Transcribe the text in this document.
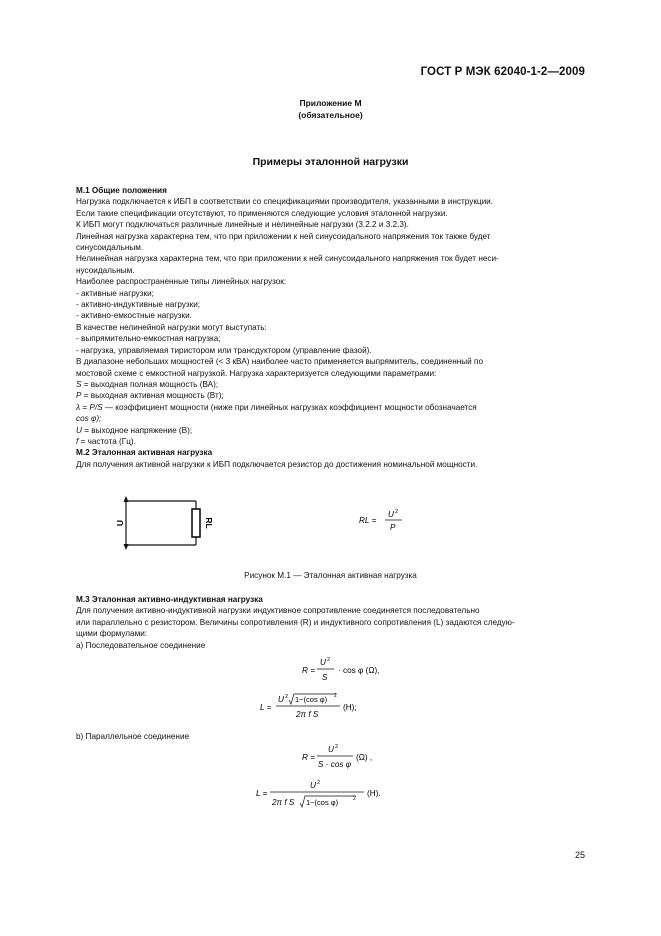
ГОСТ Р МЭК 62040-1-2—2009
Приложение М
(обязательное)
Примеры эталонной нагрузки

М.1 Общие положения

Нагрузка подключается к ИБП в соответствии со спецификациями производителя, указанными в инструкции.

Если такие спецификации отсутствуют, то применяются следующие условия эталонной нагрузки.

К ИБП могут подключаться различные линейные и нелинейные нагрузки (3.2.2 и 3.2.3).

Линейная нагрузка характерна тем, что при приложении к ней синусоидального напряжения ток также будет

синусоидальным.

Нелинейная нагрузка характерна тем, что при приложении к ней синусоидального напряжения ток будет неси-

нусоидальным.

Наиболее распространенные типы линейных нагрузок:

- активные нагрузки;

- активно-индуктивные нагрузки;

- активно-емкостные нагрузки.

В качестве нелинейной нагрузки могут выступать:

- выпрямительно-емкостная нагрузка;

- нагрузка, управляемая тиристором или трансдуктором (управление фазой).

В диапазоне небольших мощностей (< 3 кВА) наиболее часто применяется выпрямитель, соединенный по

мостовой схеме с емкостной нагрузкой. Нагрузка характеризуется следующими параметрами:

S = выходная полная мощность (ВА);

P = выходная активная мощность (Вт);

λ = P/S — коэффициент мощности (ниже при линейных нагрузках коэффициент мощности обозначается

cos φ);

U = выходное напряжение (В);

f = частота (Гц).

М.2 Эталонная активная нагрузка

Для получения активной нагрузки к ИБП подключается резистор до достижения номинальной мощности.

U	RL	RL =
U 2
P
Рисунок М.1 — Эталонная активная нагрузка

М.3 Эталонная активно-индуктивная нагрузка

Для получения активно-индуктивной нагрузки индуктивное сопротивление соединяется последовательно

или параллельно с резистором. Величины сопротивления (R) и индуктивного сопротивления (L) задаются следую-

щими формулами:

а) Последовательное соединение

R =
U 2
S
· cos φ (Ω),
L =
U 2 1−(cos φ) 2
2π f S
(H);

b) Параллельное соединение

R =
U 2
S · cos φ
(Ω) ,
L =
U 2
2π f S 1−(cos φ)	2
(H).
25
